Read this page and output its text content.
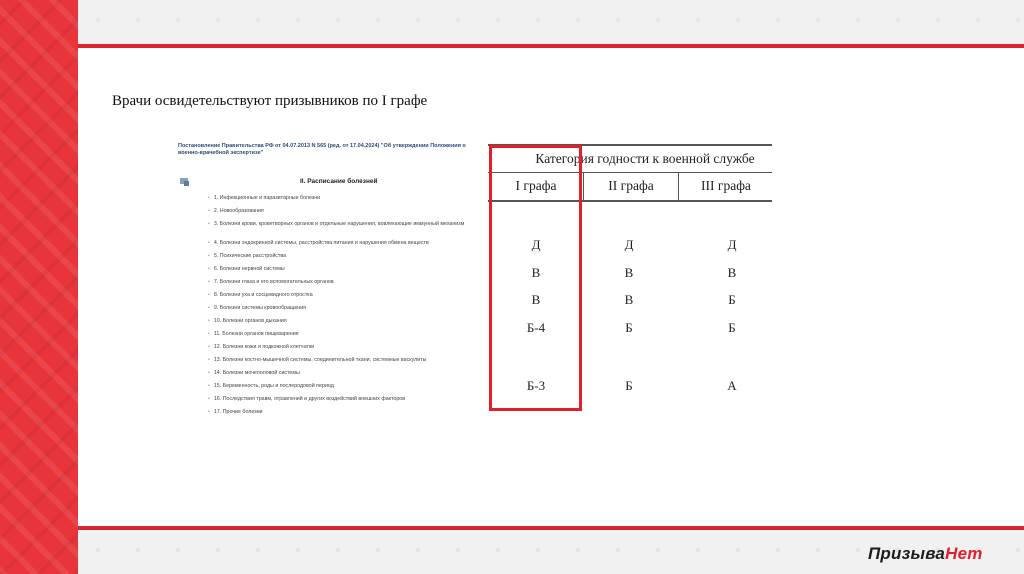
Врачи освидетельствуют призывников по I графе
Постановление Правительства РФ от 04.07.2013 N 565 (ред. от 17.04.2024) "Об утверждении Положения о военно-врачебной экспертизе"
II. Расписание болезней
• 1. Инфекционные и паразитарные болезни
• 2. Новообразования
• 3. Болезни крови, кроветворных органов и отдельные нарушения, вовлекающие иммунный механизм
• 4. Болезни эндокринной системы, расстройства питания и нарушения обмена веществ
• 5. Психические расстройства
• 6. Болезни нервной системы
• 7. Болезни глаза и его вспомогательных органов
• 8. Болезни уха и сосцевидного отростка
• 9. Болезни системы кровообращения
• 10. Болезни органов дыхания
• 11. Болезни органов пищеварения
• 12. Болезни кожи и подкожной клетчатки
• 13. Болезни костно-мышечной системы, соединительной ткани, системные васкулиты
• 14. Болезни мочеполовой системы
• 15. Беременность, роды и послеродовой период
• 16. Последствия травм, отравлений и других воздействий внешних факторов
• 17. Прочие болезни
Категория годности к военной службе
I графа	II графа	III графа
Д	Д	Д
В	В	В
В	В	Б
Б-4	Б	Б
Б-3	Б	А
ПризываНет
